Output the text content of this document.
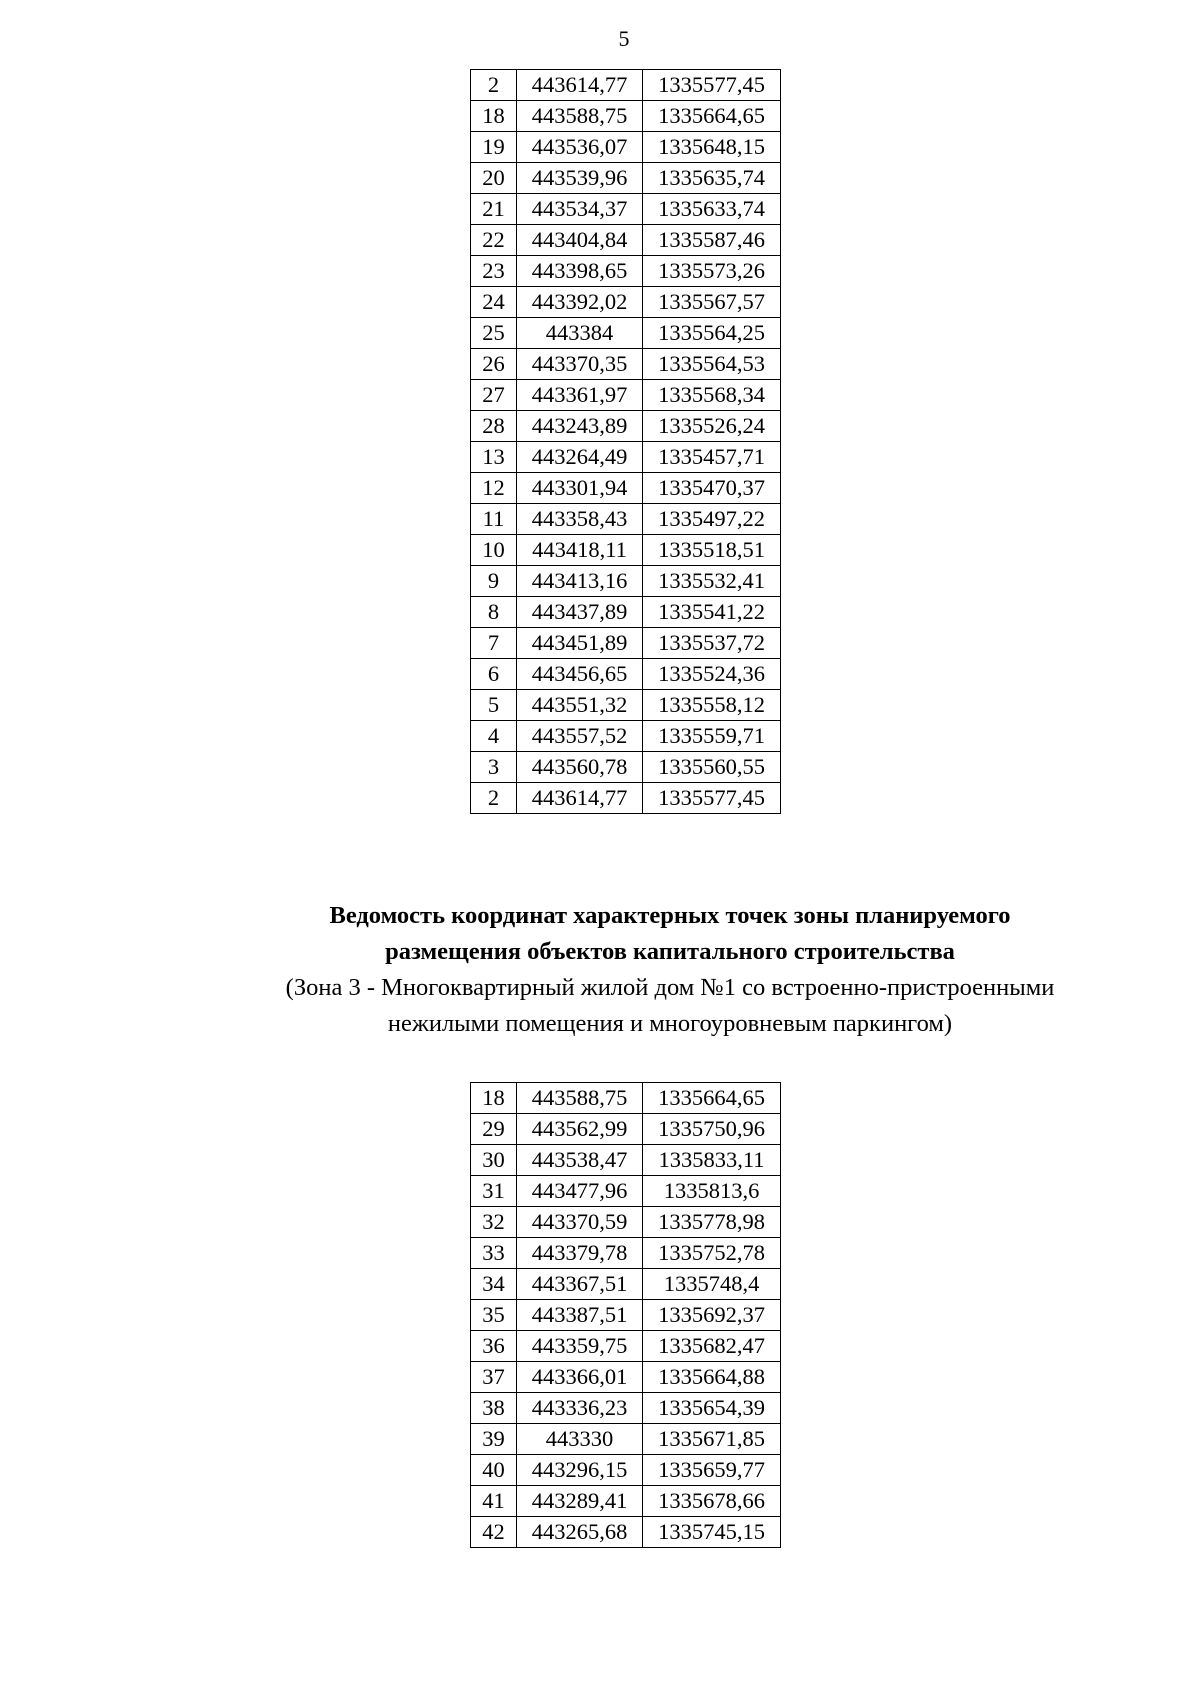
5
2	443614,77	1335577,45
18	443588,75	1335664,65
19	443536,07	1335648,15
20	443539,96	1335635,74
21	443534,37	1335633,74
22	443404,84	1335587,46
23	443398,65	1335573,26
24	443392,02	1335567,57
25	443384	1335564,25
26	443370,35	1335564,53
27	443361,97	1335568,34
28	443243,89	1335526,24
13	443264,49	1335457,71
12	443301,94	1335470,37
11	443358,43	1335497,22
10	443418,11	1335518,51
9	443413,16	1335532,41
8	443437,89	1335541,22
7	443451,89	1335537,72
6	443456,65	1335524,36
5	443551,32	1335558,12
4	443557,52	1335559,71
3	443560,78	1335560,55
2	443614,77	1335577,45
Ведомость координат характерных точек зоны планируемого
размещения объектов капитального строительства
(Зона 3 - Многоквартирный жилой дом №1 со встроенно-пристроенными
нежилыми помещения и многоуровневым паркингом)
18	443588,75	1335664,65
29	443562,99	1335750,96
30	443538,47	1335833,11
31	443477,96	1335813,6
32	443370,59	1335778,98
33	443379,78	1335752,78
34	443367,51	1335748,4
35	443387,51	1335692,37
36	443359,75	1335682,47
37	443366,01	1335664,88
38	443336,23	1335654,39
39	443330	1335671,85
40	443296,15	1335659,77
41	443289,41	1335678,66
42	443265,68	1335745,15
